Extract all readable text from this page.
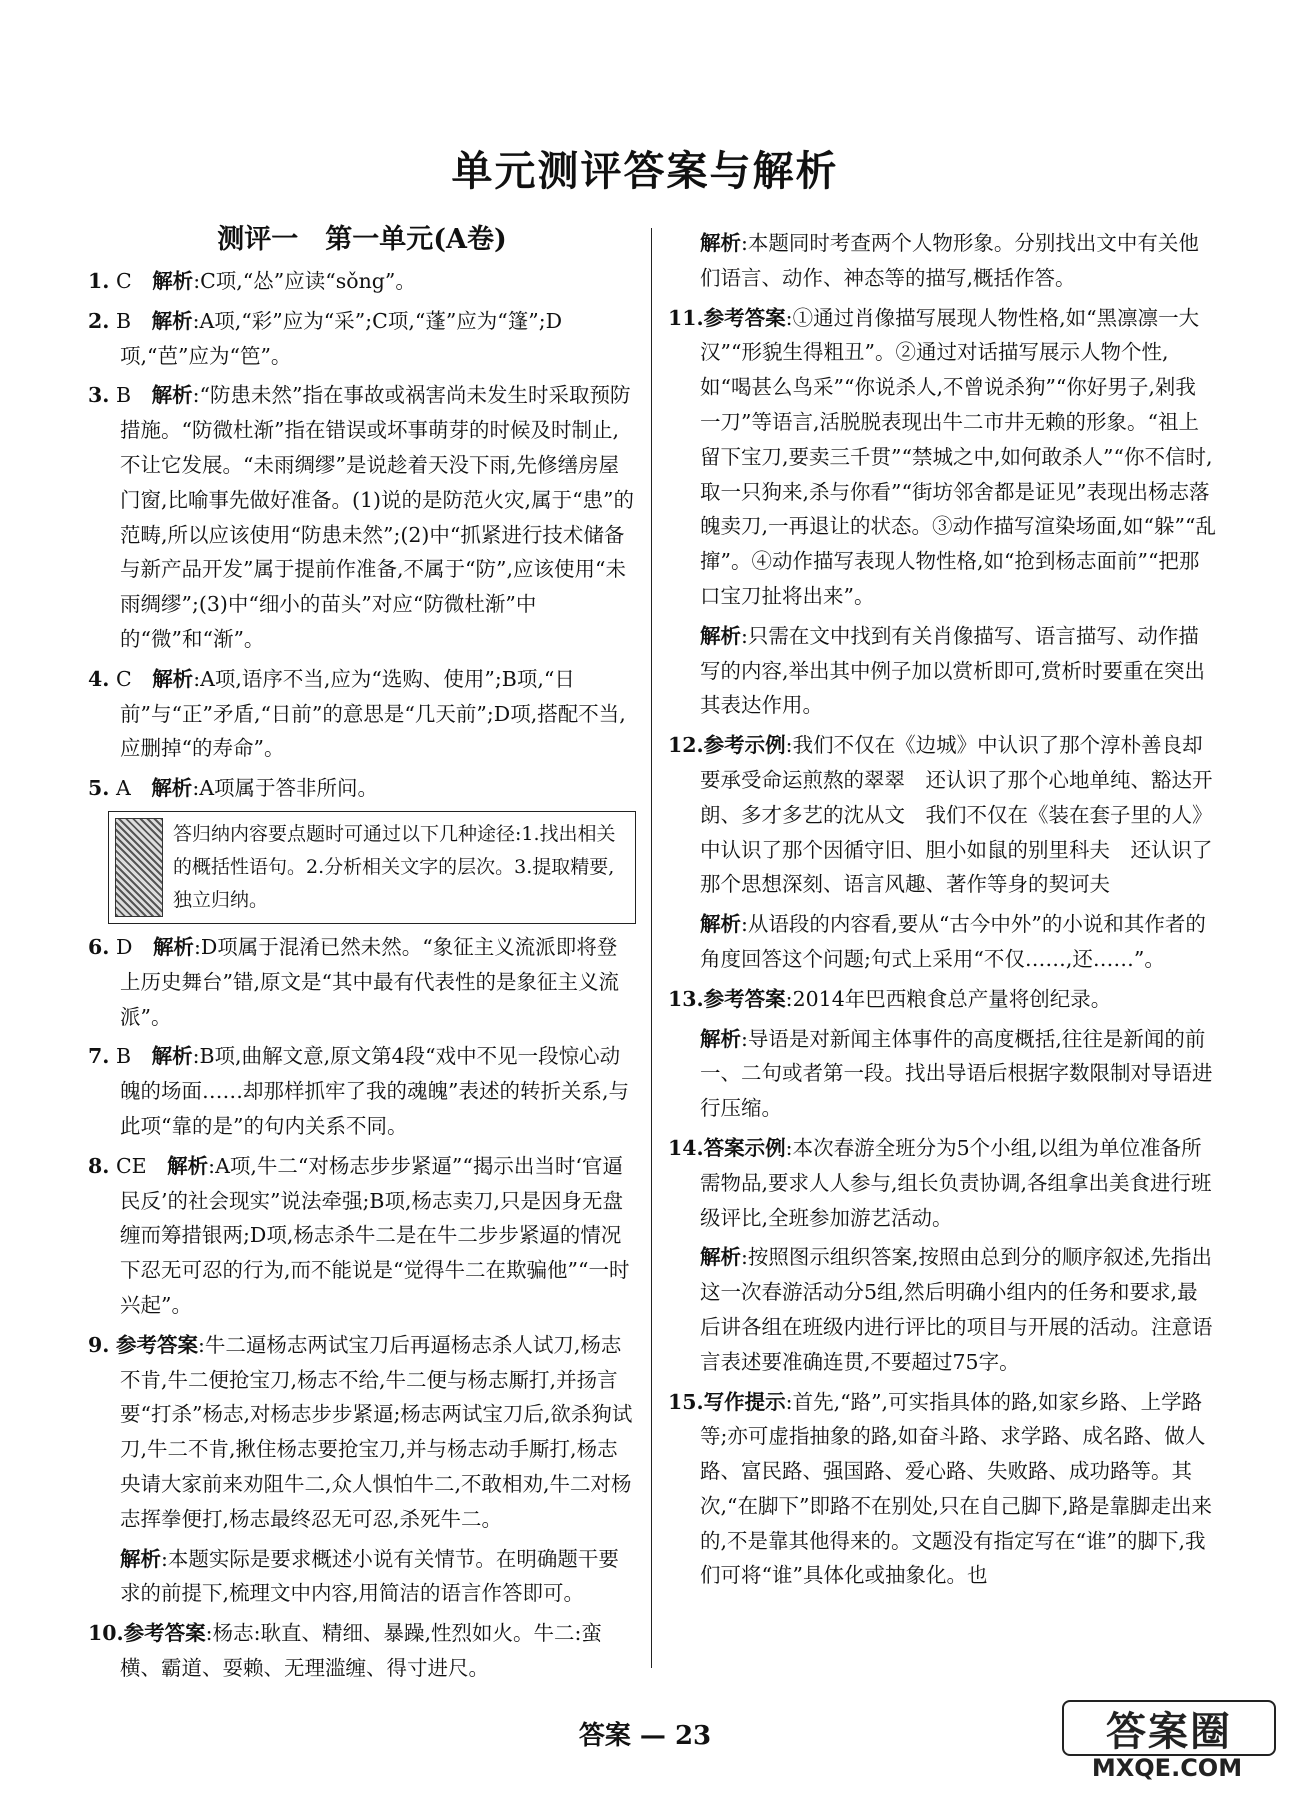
单元测评答案与解析
测评一　第一单元(A卷)
1. C　 解析:C项,“怂”应读“sǒng”。
2. B　 解析:A项,“彩”应为“采”;C项,“蓬”应为“篷”;D项,“芭”应为“笆”。
3. B　 解析:“防患未然”指在事故或祸害尚未发生时采取预防措施。“防微杜渐”指在错误或坏事萌芽的时候及时制止,不让它发展。“未雨绸缪”是说趁着天没下雨,先修缮房屋门窗,比喻事先做好准备。(1)说的是防范火灾,属于“患”的范畴,所以应该使用“防患未然”;(2)中“抓紧进行技术储备与新产品开发”属于提前作准备,不属于“防”,应该使用“未雨绸缪”;(3)中“细小的苗头”对应“防微杜渐”中的“微”和“渐”。
4. C　 解析:A项,语序不当,应为“选购、使用”;B项,“日前”与“正”矛盾,“日前”的意思是“几天前”;D项,搭配不当,应删掉“的寿命”。
5. A　 解析:A项属于答非所问。
答归纳内容要点题时可通过以下几种途径:1.找出相关的概括性语句。2.分析相关文字的层次。3.提取精要,独立归纳。
6. D　 解析:D项属于混淆已然未然。“象征主义流派即将登上历史舞台”错,原文是“其中最有代表性的是象征主义流派”。
7. B　 解析:B项,曲解文意,原文第4段“戏中不见一段惊心动魄的场面……却那样抓牢了我的魂魄”表述的转折关系,与此项“靠的是”的句内关系不同。
8. CE　 解析:A项,牛二“对杨志步步紧逼”“揭示出当时‘官逼民反’的社会现实”说法牵强;B项,杨志卖刀,只是因身无盘缠而筹措银两;D项,杨志杀牛二是在牛二步步紧逼的情况下忍无可忍的行为,而不能说是“觉得牛二在欺骗他”“一时兴起”。
9. 参考答案:牛二逼杨志两试宝刀后再逼杨志杀人试刀,杨志不肯,牛二便抢宝刀,杨志不给,牛二便与杨志厮打,并扬言要“打杀”杨志,对杨志步步紧逼;杨志两试宝刀后,欲杀狗试刀,牛二不肯,揪住杨志要抢宝刀,并与杨志动手厮打,杨志央请大家前来劝阻牛二,众人惧怕牛二,不敢相劝,牛二对杨志挥拳便打,杨志最终忍无可忍,杀死牛二。
解析:本题实际是要求概述小说有关情节。在明确题干要求的前提下,梳理文中内容,用简洁的语言作答即可。
10.参考答案:杨志:耿直、精细、暴躁,性烈如火。牛二:蛮横、霸道、耍赖、无理滥缠、得寸进尺。
解析:本题同时考查两个人物形象。分别找出文中有关他们语言、动作、神态等的描写,概括作答。
11.参考答案:①通过肖像描写展现人物性格,如“黑凛凛一大汉”“形貌生得粗丑”。②通过对话描写展示人物个性,如“喝甚么鸟采”“你说杀人,不曾说杀狗”“你好男子,剁我一刀”等语言,活脱脱表现出牛二市井无赖的形象。“祖上留下宝刀,要卖三千贯”“禁城之中,如何敢杀人”“你不信时,取一只狗来,杀与你看”“街坊邻舍都是证见”表现出杨志落魄卖刀,一再退让的状态。③动作描写渲染场面,如“躲”“乱撺”。④动作描写表现人物性格,如“抢到杨志面前”“把那口宝刀扯将出来”。
解析:只需在文中找到有关肖像描写、语言描写、动作描写的内容,举出其中例子加以赏析即可,赏析时要重在突出其表达作用。
12.参考示例:我们不仅在《边城》中认识了那个淳朴善良却要承受命运煎熬的翠翠　还认识了那个心地单纯、豁达开朗、多才多艺的沈从文　我们不仅在《装在套子里的人》中认识了那个因循守旧、胆小如鼠的别里科夫　还认识了那个思想深刻、语言风趣、著作等身的契诃夫
解析:从语段的内容看,要从“古今中外”的小说和其作者的角度回答这个问题;句式上采用“不仅……,还……”。
13.参考答案:2014年巴西粮食总产量将创纪录。
解析:导语是对新闻主体事件的高度概括,往往是新闻的前一、二句或者第一段。找出导语后根据字数限制对导语进行压缩。
14.答案示例:本次春游全班分为5个小组,以组为单位准备所需物品,要求人人参与,组长负责协调,各组拿出美食进行班级评比,全班参加游艺活动。
解析:按照图示组织答案,按照由总到分的顺序叙述,先指出这一次春游活动分5组,然后明确小组内的任务和要求,最后讲各组在班级内进行评比的项目与开展的活动。注意语言表述要准确连贯,不要超过75字。
15.写作提示:首先,“路”,可实指具体的路,如家乡路、上学路等;亦可虚指抽象的路,如奋斗路、求学路、成名路、做人路、富民路、强国路、爱心路、失败路、成功路等。其次,“在脚下”即路不在别处,只在自己脚下,路是靠脚走出来的,不是靠其他得来的。文题没有指定写在“谁”的脚下,我们可将“谁”具体化或抽象化。也
答案 — 23	答案圈
MXQE.COM
